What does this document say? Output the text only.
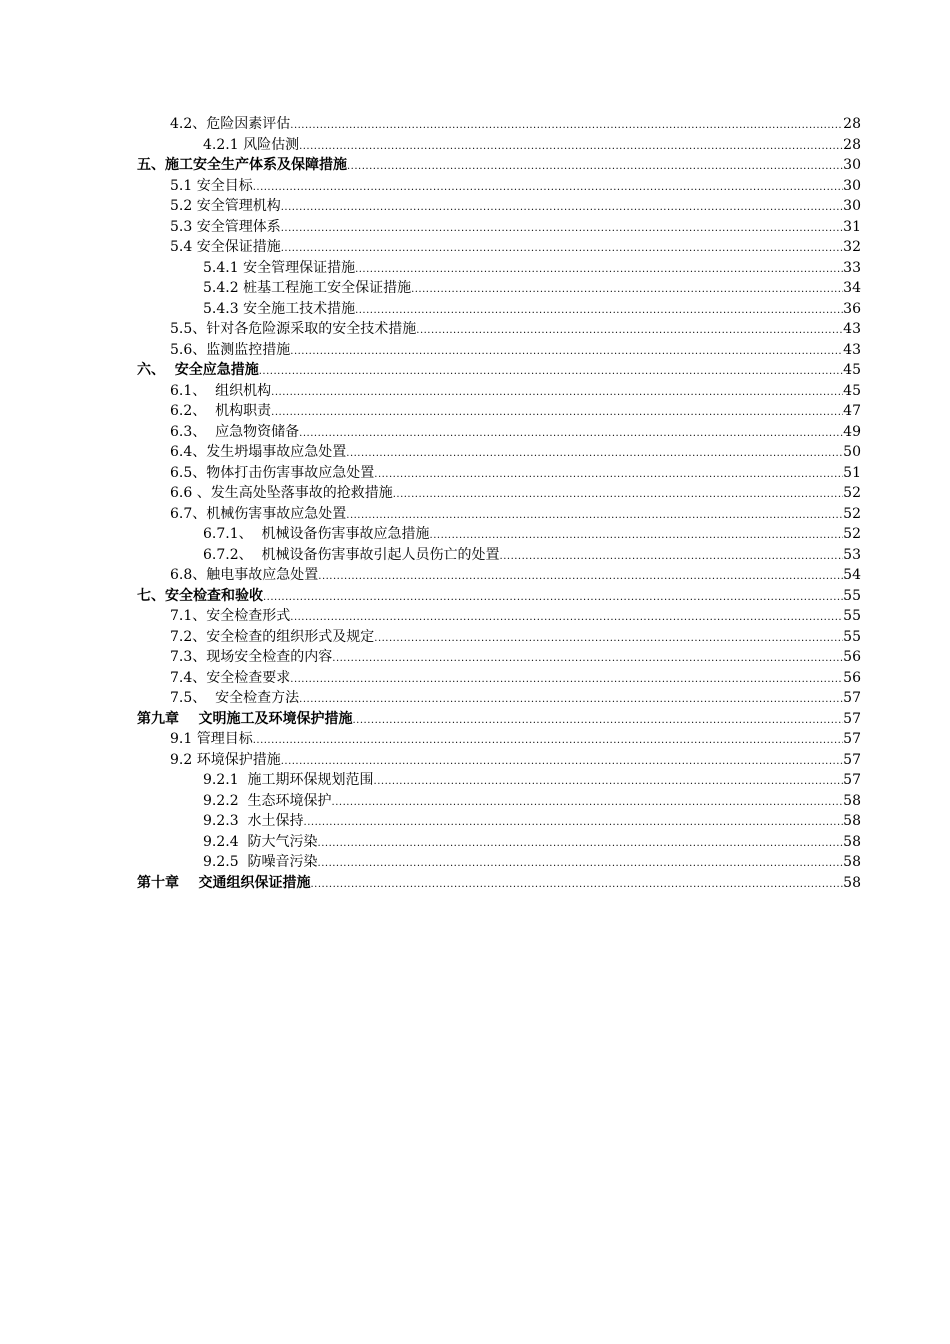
4.2、危险因素评估 .....	28
4.2.1 风险估测 .....	28
五、施工安全生产体系及保障措施 .....	30
5.1 安全目标 .....	30
5.2 安全管理机构 .....	30
5.3 安全管理体系 .....	31
5.4 安全保证措施 .....	32
5.4.1 安全管理保证措施 .....	33
5.4.2 桩基工程施工安全保证措施 .....	34
5.4.3 安全施工技术措施 .....	36
5.5、针对各危险源采取的安全技术措施 .....	43
5.6、监测监控措施 .....	43
六、  安全应急措施 .....	45
6.1、  组织机构 .....	45
6.2、  机构职责 .....	47
6.3、  应急物资储备 .....	49
6.4、发生坍塌事故应急处置 .....	50
6.5、物体打击伤害事故应急处置 .....	51
6.6 、发生高处坠落事故的抢救措施 .....	52
6.7、机械伤害事故应急处置 .....	52
6.7.1、  机械设备伤害事故应急措施 .....	52
6.7.2、  机械设备伤害事故引起人员伤亡的处置 .....	53
6.8、触电事故应急处置 .....	54
七、安全检查和验收 .....	55
7.1、安全检查形式 .....	55
7.2、安全检查的组织形式及规定 .....	55
7.3、现场安全检查的内容 .....	56
7.4、安全检查要求 .....	56
7.5、  安全检查方法 .....	57
第九章    文明施工及环境保护措施 .....	57
9.1 管理目标 .....	57
9.2 环境保护措施 .....	57
9.2.1  施工期环保规划范围 .....	57
9.2.2  生态环境保护 .....	58
9.2.3  水土保持 .....	58
9.2.4  防大气污染 .....	58
9.2.5  防噪音污染 .....	58
第十章    交通组织保证措施 .....	58
